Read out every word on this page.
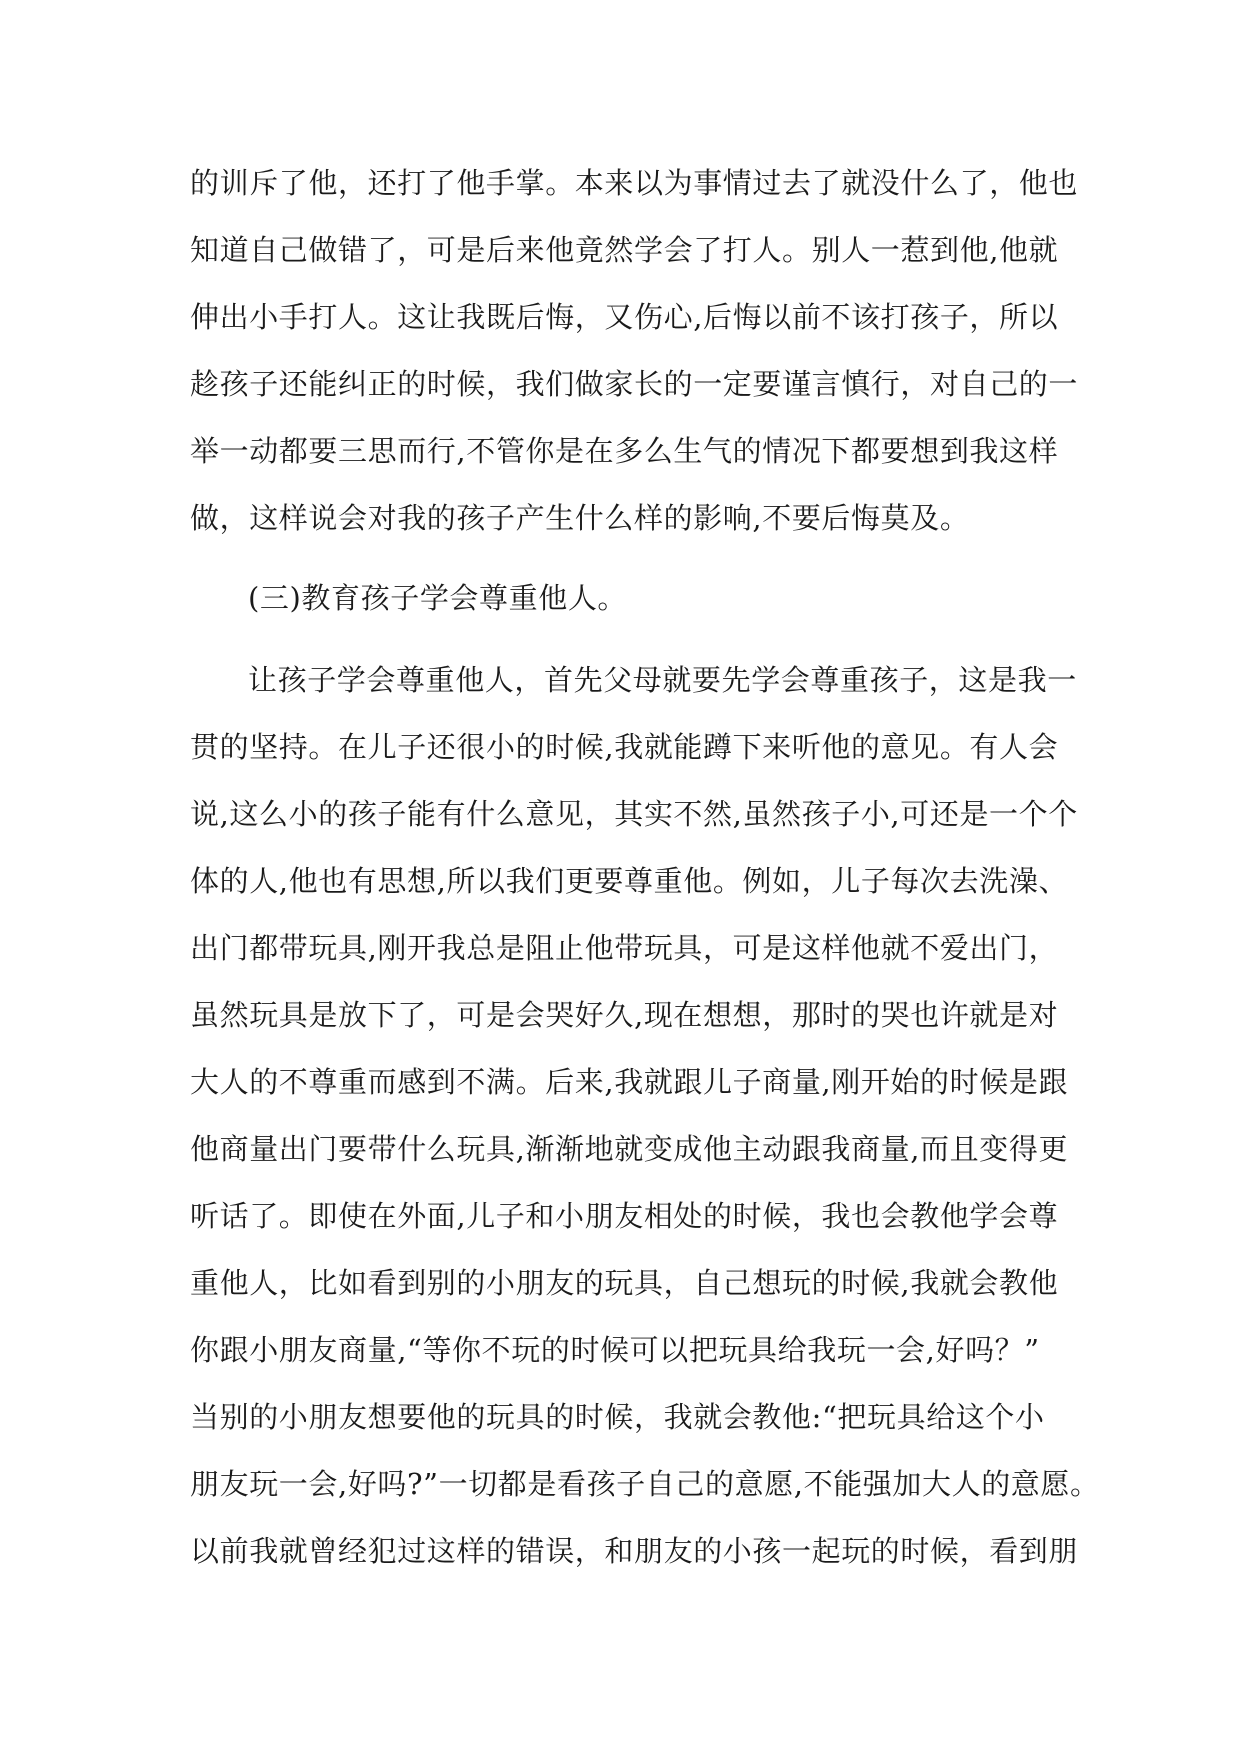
的训斥了他，还打了他手掌。本来以为事情过去了就没什么了，他也

知道自己做错了，可是后来他竟然学会了打人。别人一惹到他,他就

伸出小手打人。这让我既后悔，又伤心,后悔以前不该打孩子，所以

趁孩子还能纠正的时候，我们做家长的一定要谨言慎行，对自己的一

举一动都要三思而行,不管你是在多么生气的情况下都要想到我这样

做，这样说会对我的孩子产生什么样的影响,不要后悔莫及。

(三)教育孩子学会尊重他人。

让孩子学会尊重他人，首先父母就要先学会尊重孩子，这是我一

贯的坚持。在儿子还很小的时候,我就能蹲下来听他的意见。有人会

说,这么小的孩子能有什么意见，其实不然,虽然孩子小,可还是一个个

体的人,他也有思想,所以我们更要尊重他。例如，儿子每次去洗澡、

出门都带玩具,刚开我总是阻止他带玩具，可是这样他就不爱出门，

虽然玩具是放下了，可是会哭好久,现在想想，那时的哭也许就是对

大人的不尊重而感到不满。后来,我就跟儿子商量,刚开始的时候是跟

他商量出门要带什么玩具,渐渐地就变成他主动跟我商量,而且变得更

听话了。即使在外面,儿子和小朋友相处的时候，我也会教他学会尊

重他人，比如看到别的小朋友的玩具，自己想玩的时候,我就会教他

你跟小朋友商量,“等你不玩的时候可以把玩具给我玩一会,好吗？”

当别的小朋友想要他的玩具的时候，我就会教他:“把玩具给这个小

朋友玩一会,好吗?”一切都是看孩子自己的意愿,不能强加大人的意愿。

以前我就曾经犯过这样的错误，和朋友的小孩一起玩的时候，看到朋
